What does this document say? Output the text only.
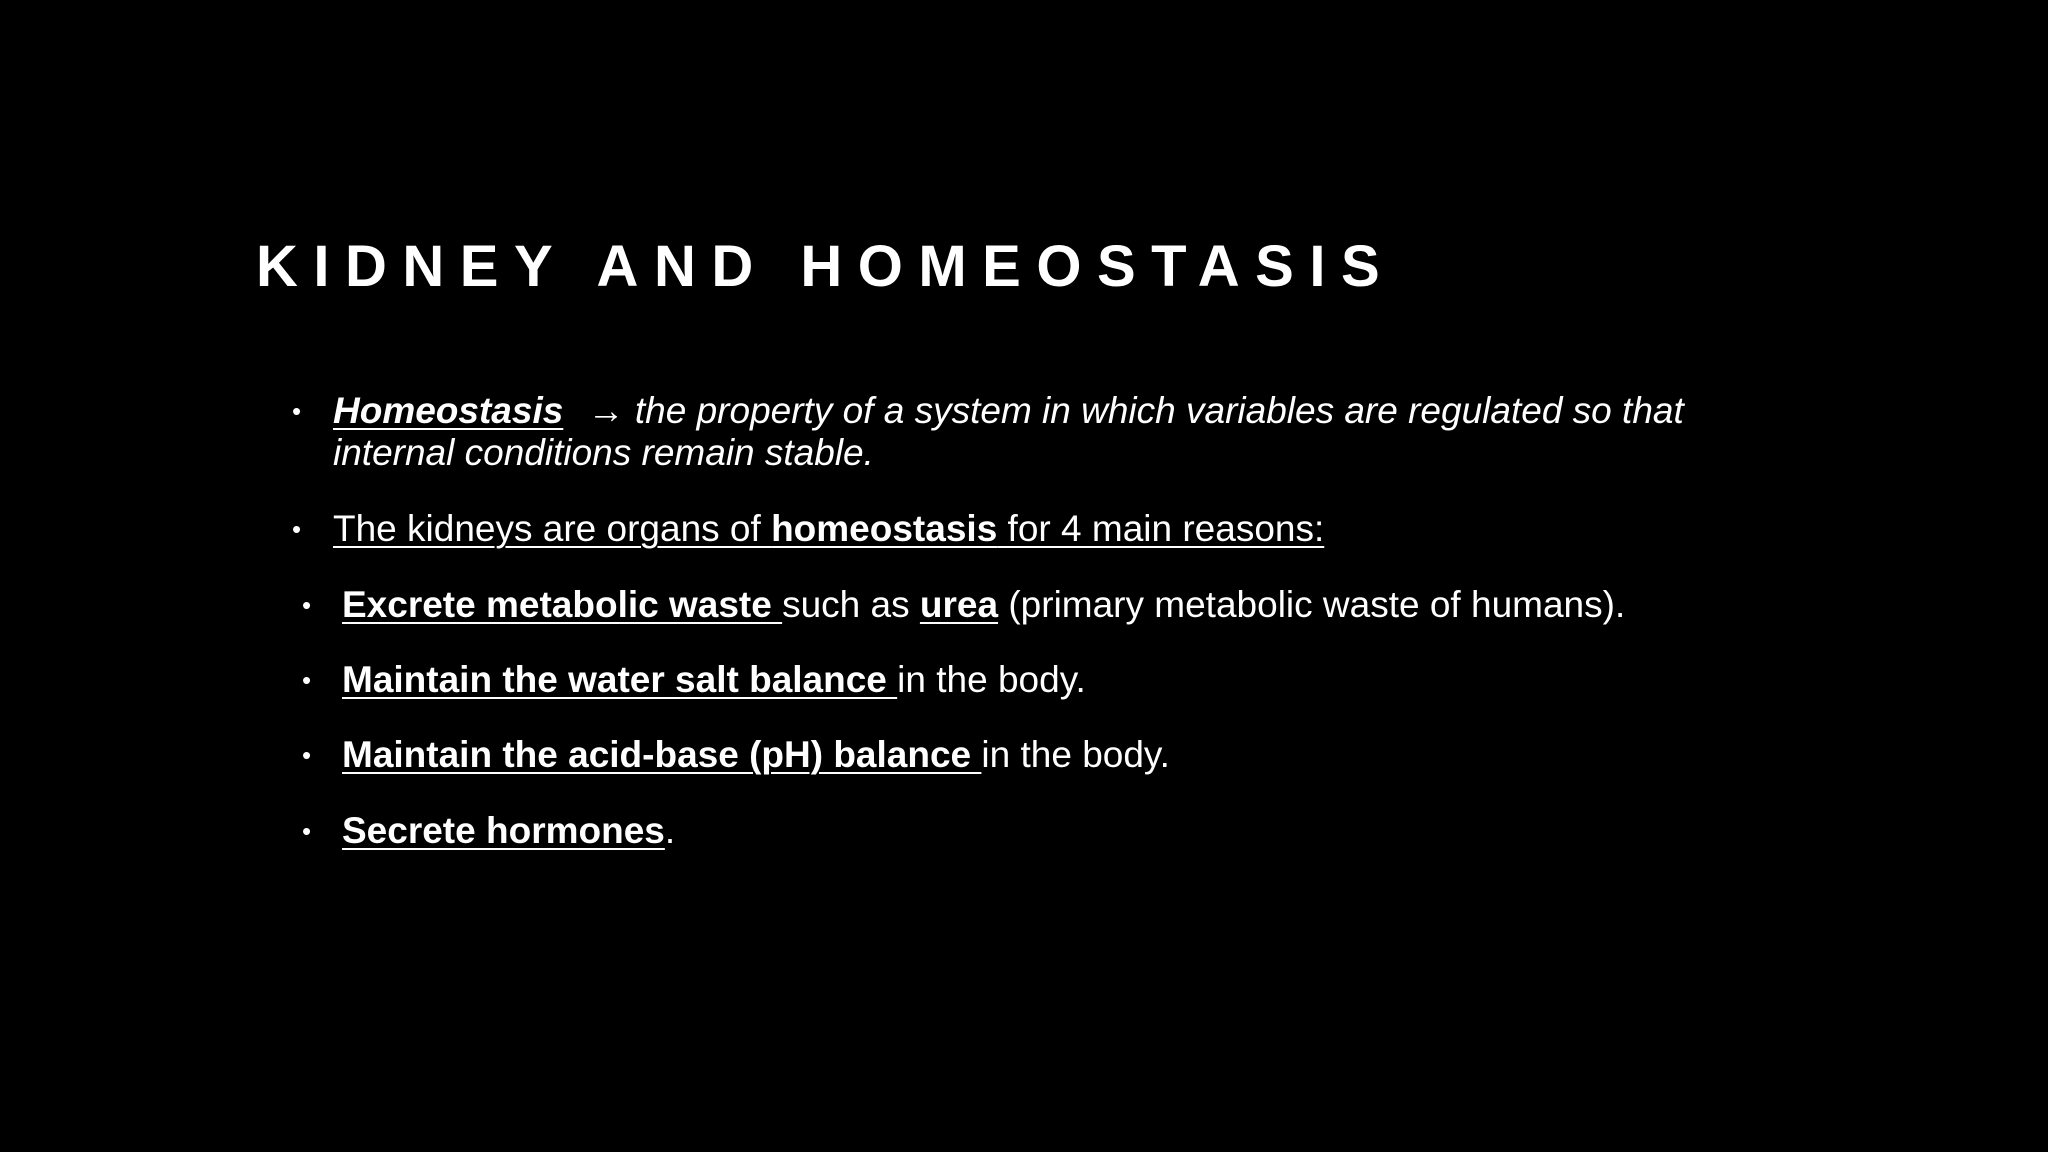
KIDNEY AND HOMEOSTASIS
• Homeostasis → the property of a system in which variables are regulated so that
internal conditions remain stable.
• The kidneys are organs of homeostasis for 4 main reasons:
• Excrete metabolic waste such as urea (primary metabolic waste of humans).
• Maintain the water salt balance in the body.
• Maintain the acid-base (pH) balance in the body.
• Secrete hormones.
